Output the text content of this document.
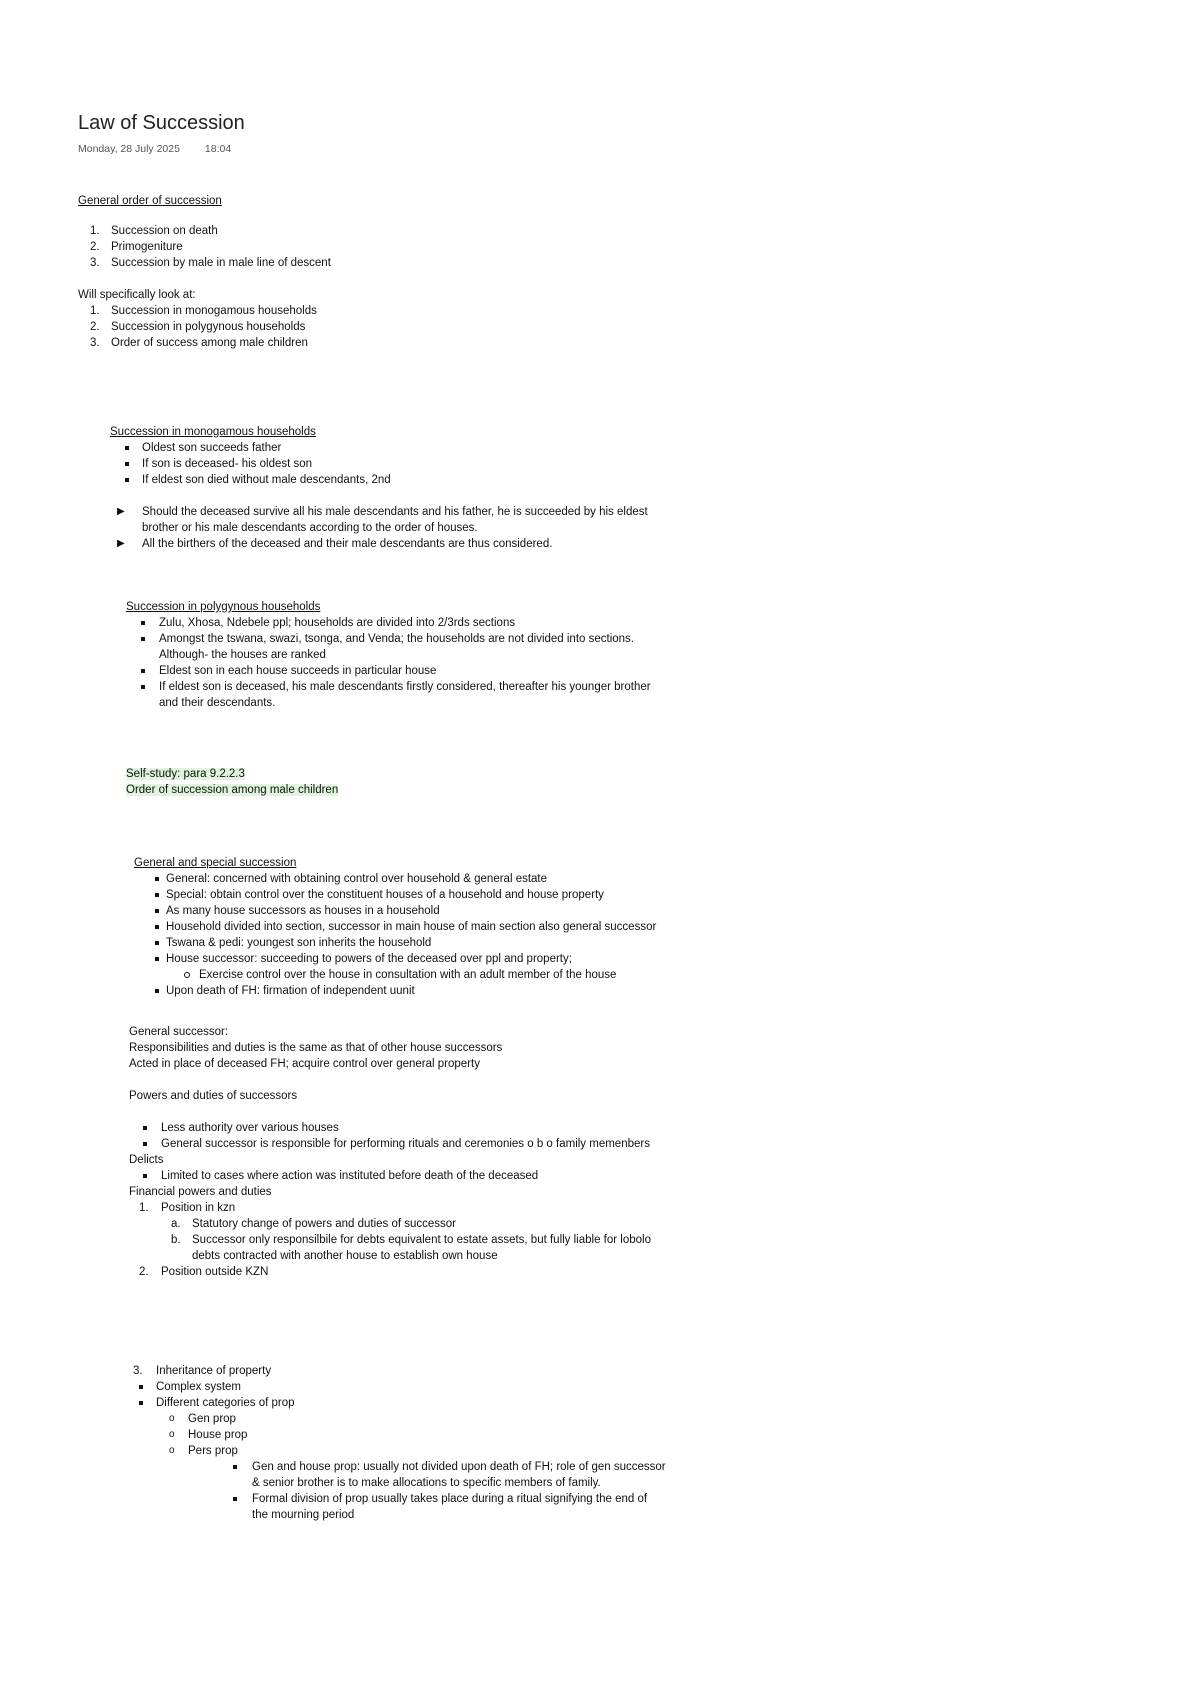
Law of Succession
Monday, 28 July 2025 18:04
General order of succession
1. Succession on death
2. Primogeniture
3. Succession by male in male line of descent
Will specifically look at:
1. Succession in monogamous households
2. Succession in polygynous households
3. Order of success among male children
Succession in monogamous households
Oldest son succeeds father
If son is deceased- his oldest son
If eldest son died without male descendants, 2nd
▶ Should the deceased survive all his male descendants and his father, he is succeeded by his eldest
brother or his male descendants according to the order of houses.
▶ All the birthers of the deceased and their male descendants are thus considered.
Succession in polygynous households
Zulu, Xhosa, Ndebele ppl; households are divided into 2/3rds sections
Amongst the tswana, swazi, tsonga, and Venda; the households are not divided into sections.
Although- the houses are ranked
Eldest son in each house succeeds in particular house
If eldest son is deceased, his male descendants firstly considered, thereafter his younger brother
and their descendants.
Self-study: para 9.2.2.3
Order of succession among male children
General and special succession
General: concerned with obtaining control over household & general estate
Special: obtain control over the constituent houses of a household and house property
As many house successors as houses in a household
Household divided into section, successor in main house of main section also general successor
Tswana & pedi: youngest son inherits the household
House successor: succeeding to powers of the deceased over ppl and property;
Exercise control over the house in consultation with an adult member of the house
Upon death of FH: firmation of independent uunit
General successor:
Responsibilities and duties is the same as that of other house successors
Acted in place of deceased FH; acquire control over general property
Powers and duties of successors
Less authority over various houses
General successor is responsible for performing rituals and ceremonies o b o family memenbers
Delicts
Limited to cases where action was instituted before death of the deceased
Financial powers and duties
1. Position in kzn
a. Statutory change of powers and duties of successor
b. Successor only responsilbile for debts equivalent to estate assets, but fully liable for lobolo
debts contracted with another house to establish own house
2. Position outside KZN
3. Inheritance of property
Complex system
Different categories of prop
o Gen prop
o House prop
o Pers prop
Gen and house prop: usually not divided upon death of FH; role of gen successor
& senior brother is to make allocations to specific members of family.
Formal division of prop usually takes place during a ritual signifying the end of
the mourning period
